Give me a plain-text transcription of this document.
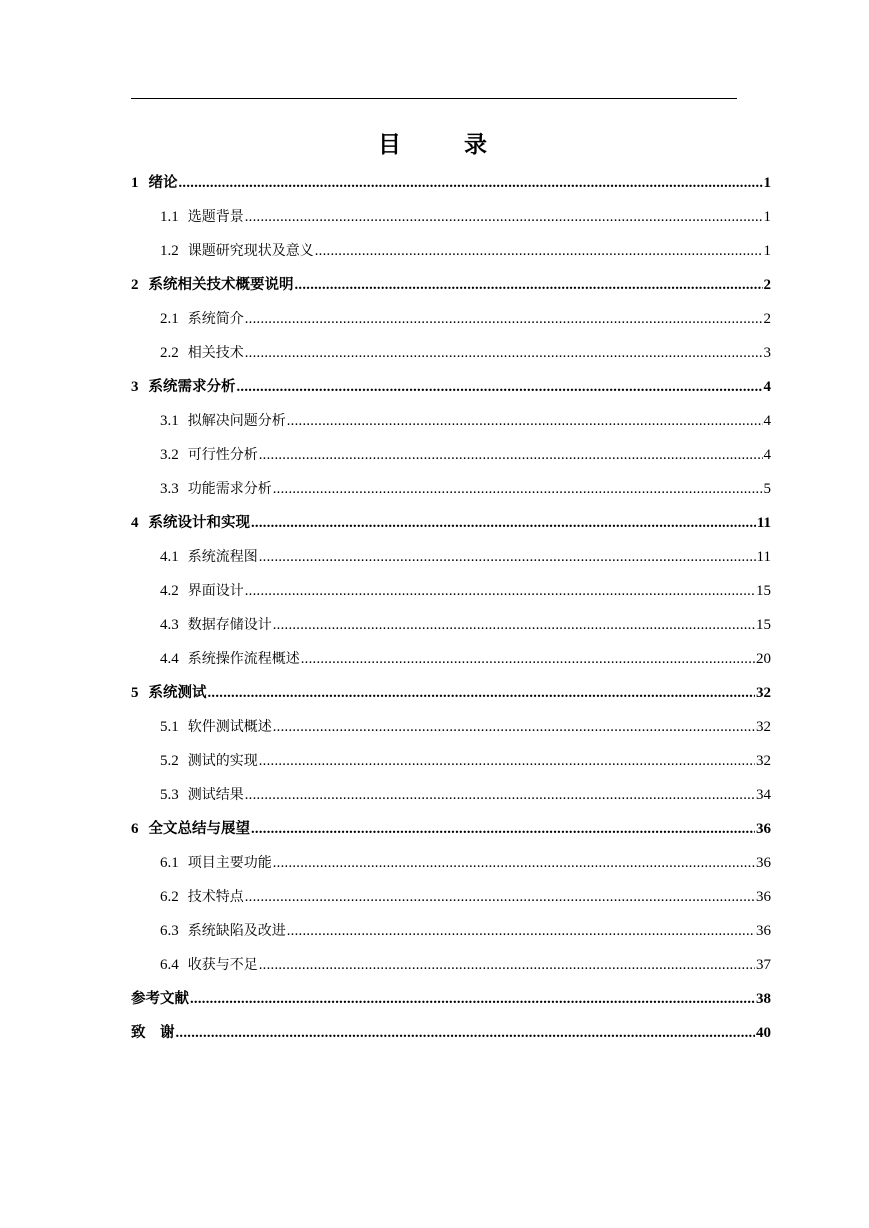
目　录
1 绪论 .....	1
1.1 选题背景 .....	1
1.2 课题研究现状及意义 .....	1
2 系统相关技术概要说明 .....	2
2.1 系统简介 .....	2
2.2 相关技术 .....	3
3 系统需求分析 .....	4
3.1 拟解决问题分析 .....	4
3.2 可行性分析 .....	4
3.3 功能需求分析 .....	5
4 系统设计和实现 .....	11
4.1 系统流程图 .....	11
4.2 界面设计 .....	15
4.3 数据存储设计 .....	15
4.4 系统操作流程概述 .....	20
5 系统测试 .....	32
5.1 软件测试概述 .....	32
5.2 测试的实现 .....	32
5.3 测试结果 .....	34
6 全文总结与展望 .....	36
6.1 项目主要功能 .....	36
6.2 技术特点 .....	36
6.3 系统缺陷及改进 .....	36
6.4 收获与不足 .....	37
参考文献 .....	38
致　谢 .....	40
